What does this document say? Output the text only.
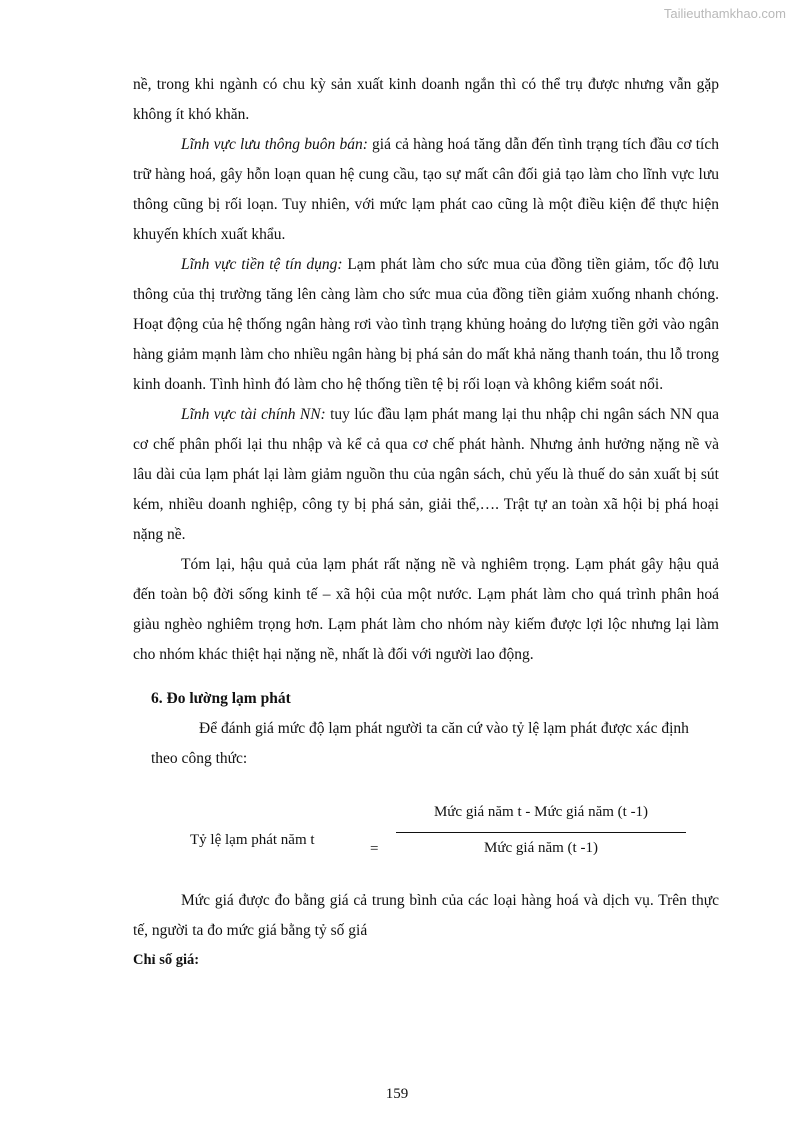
Tailieuthamkhao.com

nề, trong khi ngành có chu kỳ sản xuất kinh doanh ngắn thì có thể trụ được nhưng vẫn gặp không ít khó khăn.

Lĩnh vực lưu thông buôn bán: giá cả hàng hoá tăng dẫn đến tình trạng tích đầu cơ tích trữ hàng hoá, gây hỗn loạn quan hệ cung cầu, tạo sự mất cân đối giả tạo làm cho lĩnh vực lưu thông cũng bị rối loạn. Tuy nhiên, với mức lạm phát cao cũng là một điều kiện để thực hiện khuyến khích xuất khẩu.

Lĩnh vực tiền tệ tín dụng: Lạm phát làm cho sức mua của đồng tiền giảm, tốc độ lưu thông của thị trường tăng lên càng làm cho sức mua của đồng tiền giảm xuống nhanh chóng. Hoạt động của hệ thống ngân hàng rơi vào tình trạng khủng hoảng do lượng tiền gởi vào ngân hàng giảm mạnh làm cho nhiều ngân hàng bị phá sản do mất khả năng thanh toán, thu lỗ trong kinh doanh. Tình hình đó làm cho hệ thống tiền tệ bị rối loạn và không kiểm soát nổi.

Lĩnh vực tài chính NN: tuy lúc đầu lạm phát mang lại thu nhập chi ngân sách NN qua cơ chế phân phối lại thu nhập và kể cả qua cơ chế phát hành. Nhưng ảnh hưởng nặng nề và lâu dài của lạm phát lại làm giảm nguồn thu của ngân sách, chủ yếu là thuế do sản xuất bị sút kém, nhiều doanh nghiệp, công ty bị phá sản, giải thể,…. Trật tự an toàn xã hội bị phá hoại nặng nề.

Tóm lại, hậu quả của lạm phát rất nặng nề và nghiêm trọng. Lạm phát gây hậu quả đến toàn bộ đời sống kinh tế – xã hội của một nước. Lạm phát làm cho quá trình phân hoá giàu nghèo nghiêm trọng hơn. Lạm phát làm cho nhóm này kiếm được lợi lộc nhưng lại làm cho nhóm khác thiệt hại nặng nề, nhất là đối với người lao động.

6. Đo lường lạm phát

Để đánh giá mức độ lạm phát người ta căn cứ vào tỷ lệ lạm phát được xác định theo công thức:

Tỷ lệ lạm phát năm t
=
Mức giá năm t - Mức giá năm (t -1)
Mức giá năm (t -1)

Mức giá được đo bằng giá cả trung bình của các loại hàng hoá và dịch vụ. Trên thực tế, người ta đo mức giá bằng tỷ số giá

Chỉ số giá:

159
